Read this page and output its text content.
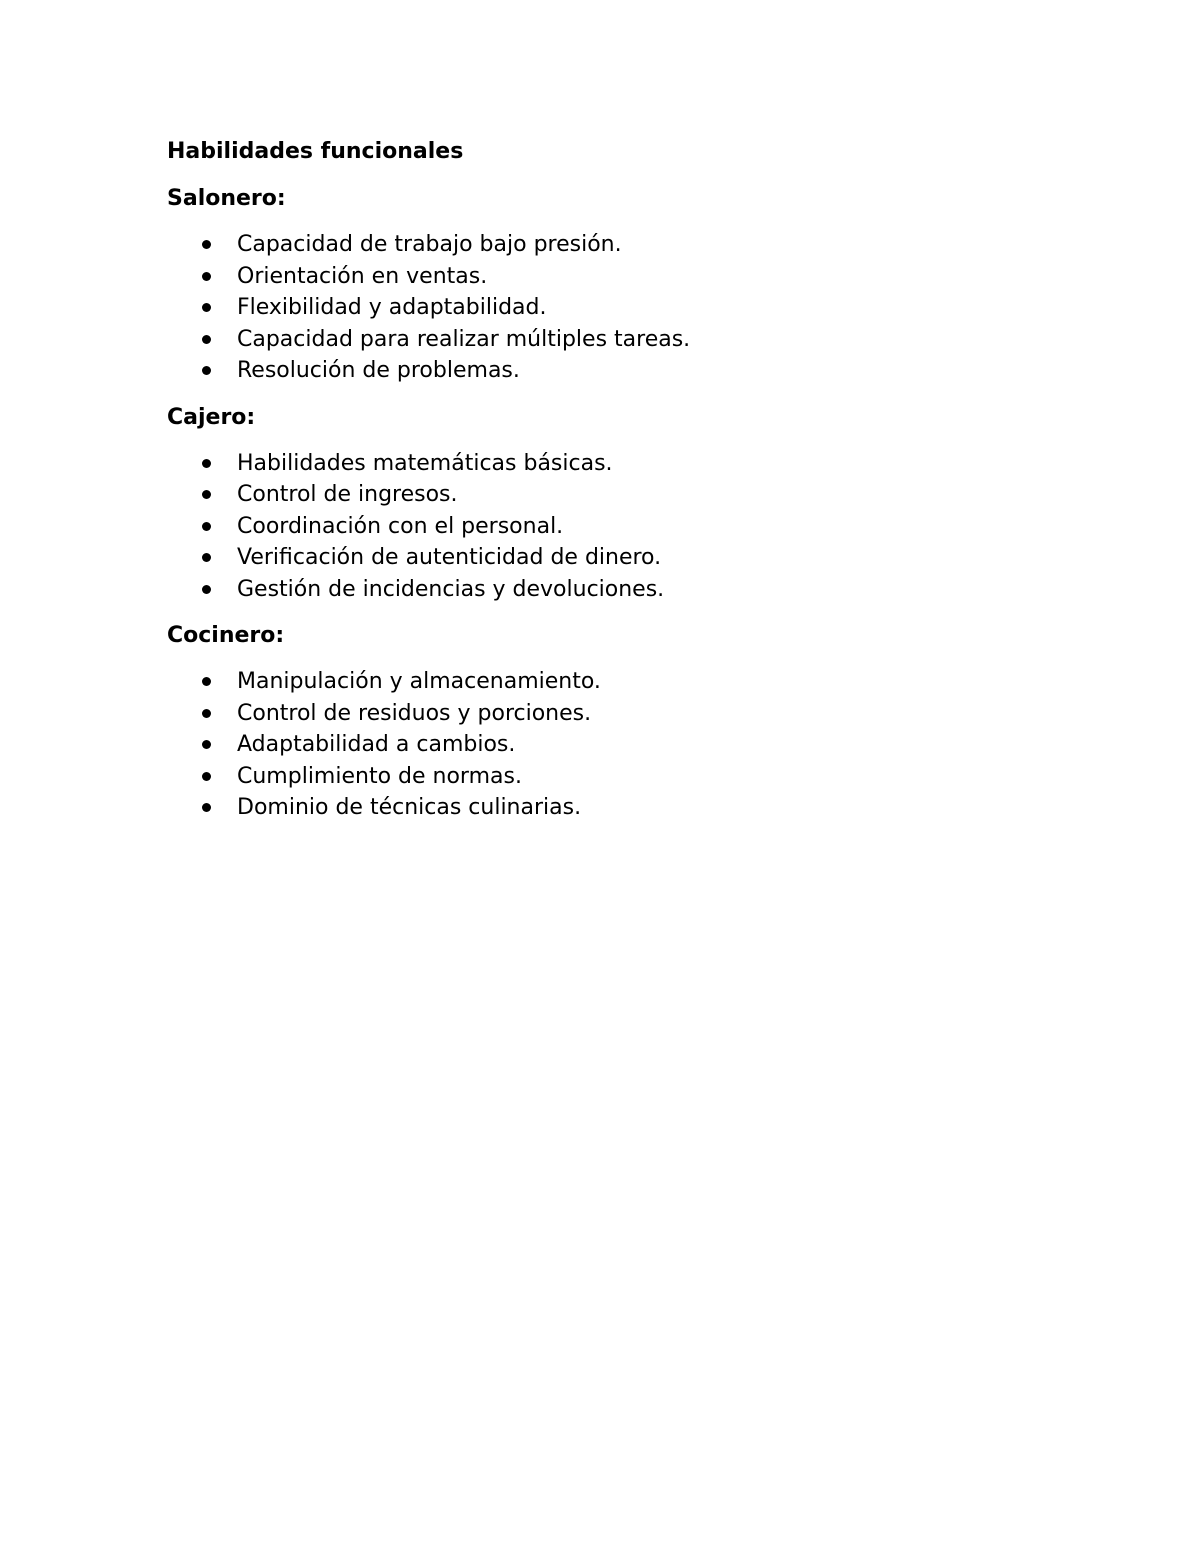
Habilidades funcionales
Salonero:
Capacidad de trabajo bajo presión.
Orientación en ventas.
Flexibilidad y adaptabilidad.
Capacidad para realizar múltiples tareas.
Resolución de problemas.
Cajero:
Habilidades matemáticas básicas.
Control de ingresos.
Coordinación con el personal.
Verificación de autenticidad de dinero.
Gestión de incidencias y devoluciones.
Cocinero:
Manipulación y almacenamiento.
Control de residuos y porciones.
Adaptabilidad a cambios.
Cumplimiento de normas.
Dominio de técnicas culinarias.
